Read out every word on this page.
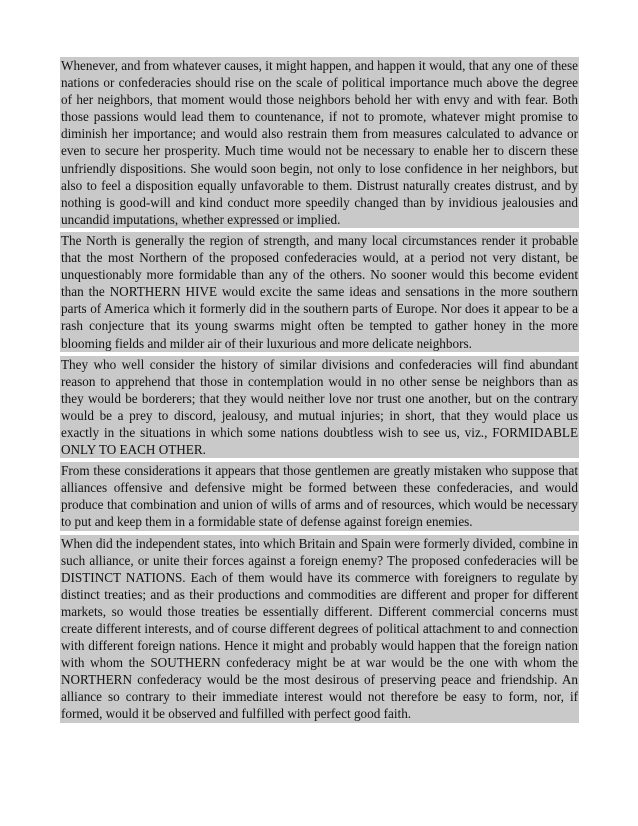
Whenever, and from whatever causes, it might happen, and happen it would, that any one of these nations or confederacies should rise on the scale of political importance much above the degree of her neighbors, that moment would those neighbors behold her with envy and with fear. Both those passions would lead them to countenance, if not to promote, whatever might promise to diminish her importance; and would also restrain them from measures calculated to advance or even to secure her prosperity. Much time would not be necessary to enable her to discern these unfriendly dispositions. She would soon begin, not only to lose confidence in her neighbors, but also to feel a disposition equally unfavorable to them. Distrust naturally creates distrust, and by nothing is good-will and kind conduct more speedily changed than by invidious jealousies and uncandid imputations, whether expressed or implied.

The North is generally the region of strength, and many local circumstances render it probable that the most Northern of the proposed confederacies would, at a period not very distant, be unquestionably more formidable than any of the others. No sooner would this become evident than the NORTHERN HIVE would excite the same ideas and sensations in the more southern parts of America which it formerly did in the southern parts of Europe. Nor does it appear to be a rash conjecture that its young swarms might often be tempted to gather honey in the more blooming fields and milder air of their luxurious and more delicate neighbors.

They who well consider the history of similar divisions and confederacies will find abundant reason to apprehend that those in contemplation would in no other sense be neighbors than as they would be borderers; that they would neither love nor trust one another, but on the contrary would be a prey to discord, jealousy, and mutual injuries; in short, that they would place us exactly in the situations in which some nations doubtless wish to see us, viz., FORMIDABLE ONLY TO EACH OTHER.

From these considerations it appears that those gentlemen are greatly mistaken who suppose that alliances offensive and defensive might be formed between these confederacies, and would produce that combination and union of wills of arms and of resources, which would be necessary to put and keep them in a formidable state of defense against foreign enemies.

When did the independent states, into which Britain and Spain were formerly divided, combine in such alliance, or unite their forces against a foreign enemy? The proposed confederacies will be DISTINCT NATIONS. Each of them would have its commerce with foreigners to regulate by distinct treaties; and as their productions and commodities are different and proper for different markets, so would those treaties be essentially different. Different commercial concerns must create different interests, and of course different degrees of political attachment to and connection with different foreign nations. Hence it might and probably would happen that the foreign nation with whom the SOUTHERN confederacy might be at war would be the one with whom the NORTHERN confederacy would be the most desirous of preserving peace and friendship. An alliance so contrary to their immediate interest would not therefore be easy to form, nor, if formed, would it be observed and fulfilled with perfect good faith.
